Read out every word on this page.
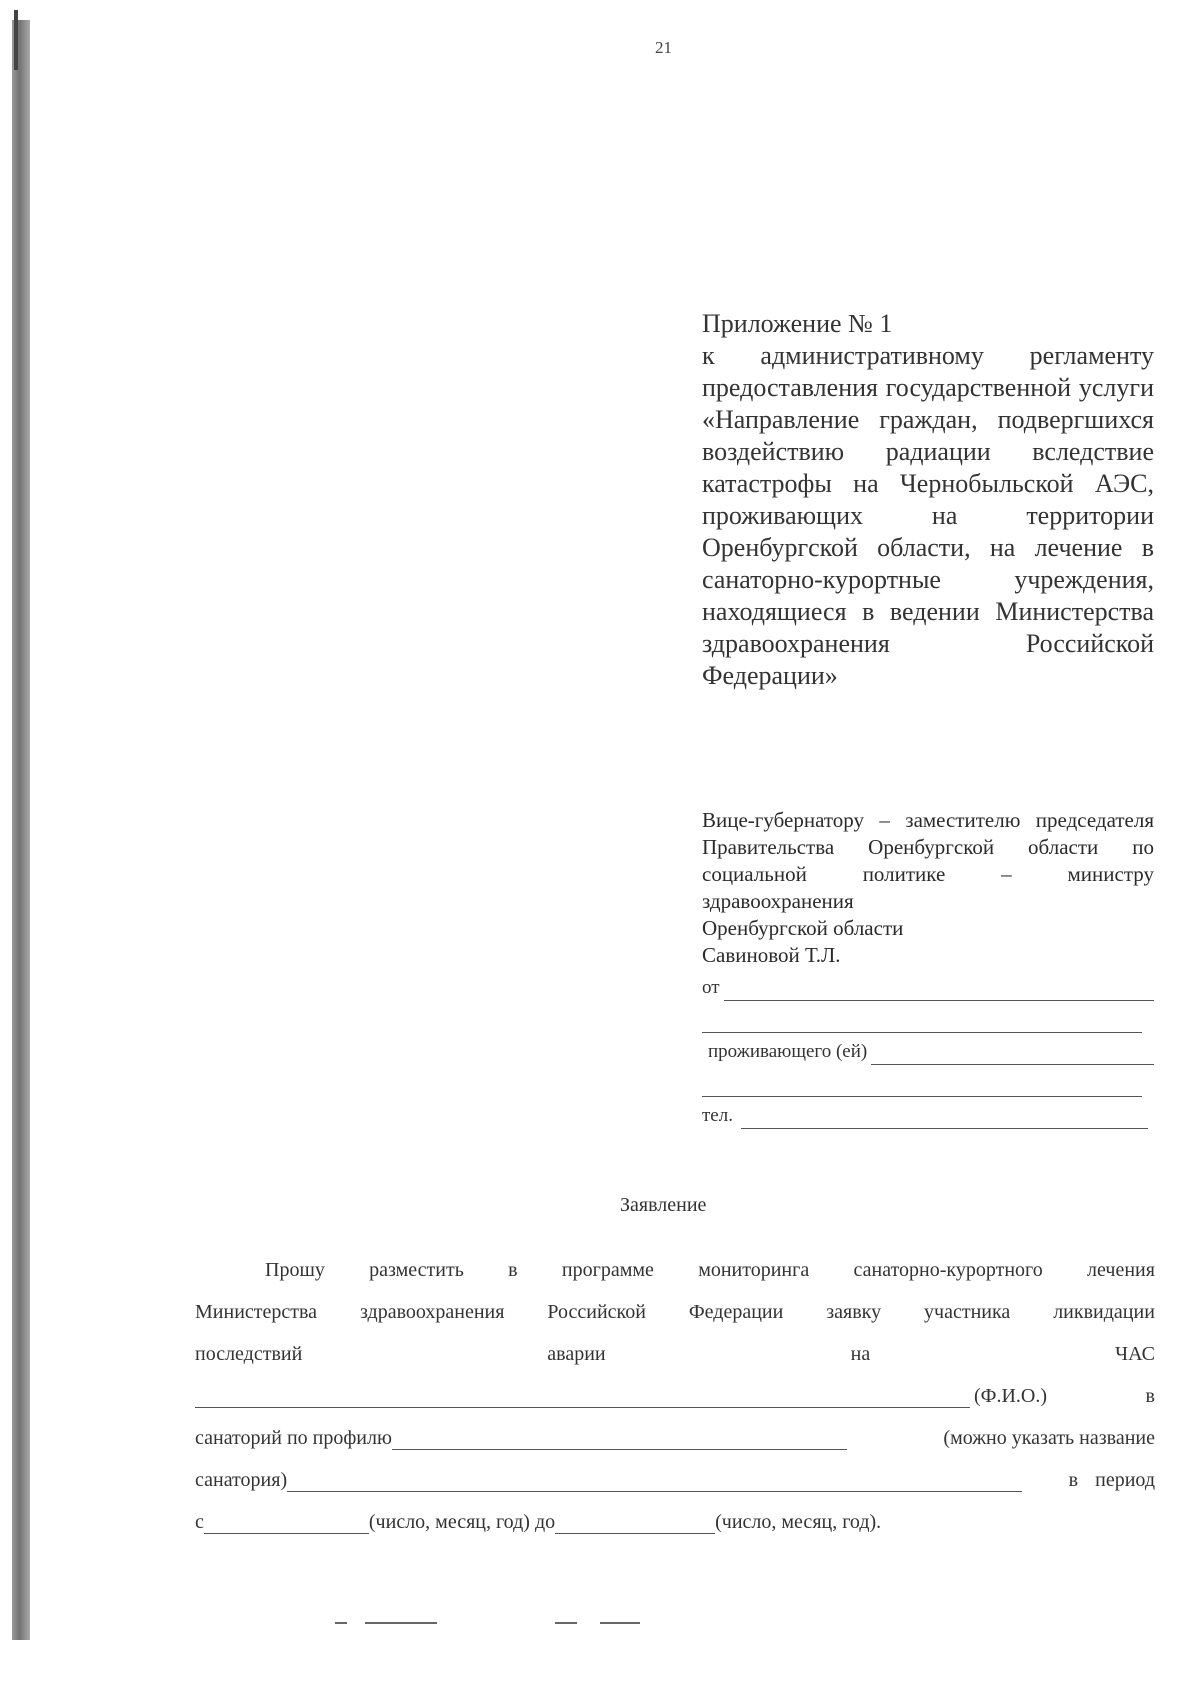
21
Приложение № 1
к административному регламенту предоставления государственной услуги «Направление граждан, подвергшихся воздействию радиации вследствие катастрофы на Чернобыльской АЭС, проживающих на территории Оренбургской области, на лечение в санаторно-курортные учреждения, находящиеся в ведении Министерства здравоохранения Российской Федерации»
Вице-губернатору – заместителю председателя Правительства Оренбургской области по социальной политике – министру здравоохранения
Оренбургской области
Савиновой Т.Л.
от
проживающего (ей)
тел.
Заявление
Прошу разместить в программе мониторинга санаторно-курортного лечения
Министерства здравоохранения Российской Федерации заявку участника ликвидации
последствий	аварии	на	ЧАС
(Ф.И.О.)	в
санаторий по профилю	(можно указать название
санатория)	в период
с	(число, месяц, год) до	(число, месяц, год).
